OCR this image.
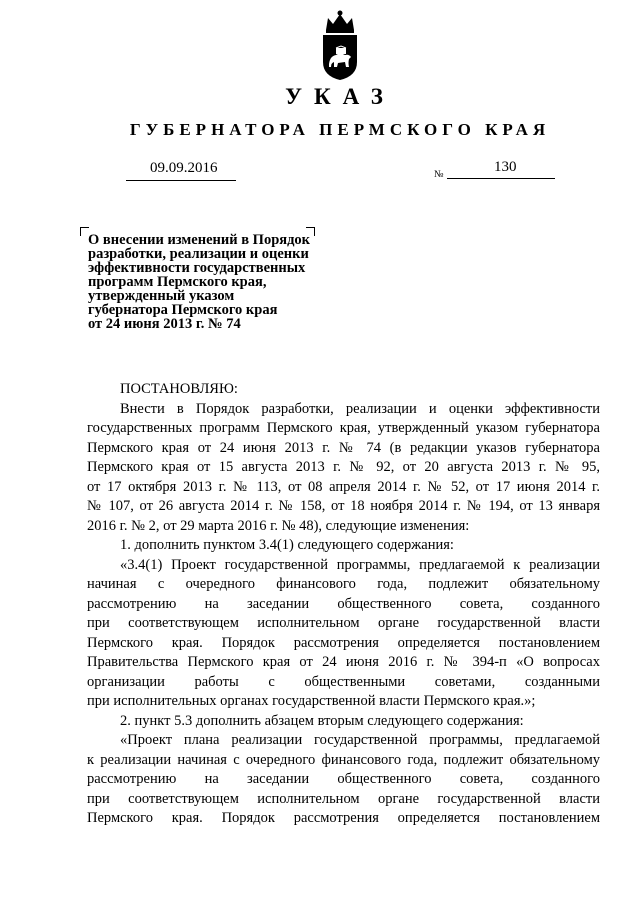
УКАЗ
ГУБЕРНАТОРА ПЕРМСКОГО КРАЯ
09.09.2016	№	130
О внесении изменений в Порядок
разработки, реализации и оценки
эффективности государственных
программ Пермского края,
утвержденный указом
губернатора Пермского края
от 24 июня 2013 г. № 74
ПОСТАНОВЛЯЮ:
Внести в Порядок разработки, реализации и оценки эффективности
государственных программ Пермского края, утвержденный указом губернатора
Пермского края от 24 июня 2013 г. № 74 (в редакции указов губернатора
Пермского края от 15 августа 2013 г. № 92, от 20 августа 2013 г. № 95,
от 17 октября 2013 г. № 113, от 08 апреля 2014 г. № 52, от 17 июня 2014 г.
№ 107, от 26 августа 2014 г. № 158, от 18 ноября 2014 г. № 194, от 13 января
2016 г. № 2, от 29 марта 2016 г. № 48), следующие изменения:
1. дополнить пунктом 3.4(1) следующего содержания:
«3.4(1) Проект государственной программы, предлагаемой к реализации
начиная с очередного финансового года, подлежит обязательному
рассмотрению на заседании общественного совета, созданного
при соответствующем исполнительном органе государственной власти
Пермского края. Порядок рассмотрения определяется постановлением
Правительства Пермского края от 24 июня 2016 г. № 394-п «О вопросах
организации работы с общественными советами, созданными
при исполнительных органах государственной власти Пермского края.»;
2. пункт 5.3 дополнить абзацем вторым следующего содержания:
«Проект плана реализации государственной программы, предлагаемой
к реализации начиная с очередного финансового года, подлежит обязательному
рассмотрению на заседании общественного совета, созданного
при соответствующем исполнительном органе государственной власти
Пермского края. Порядок рассмотрения определяется постановлением
